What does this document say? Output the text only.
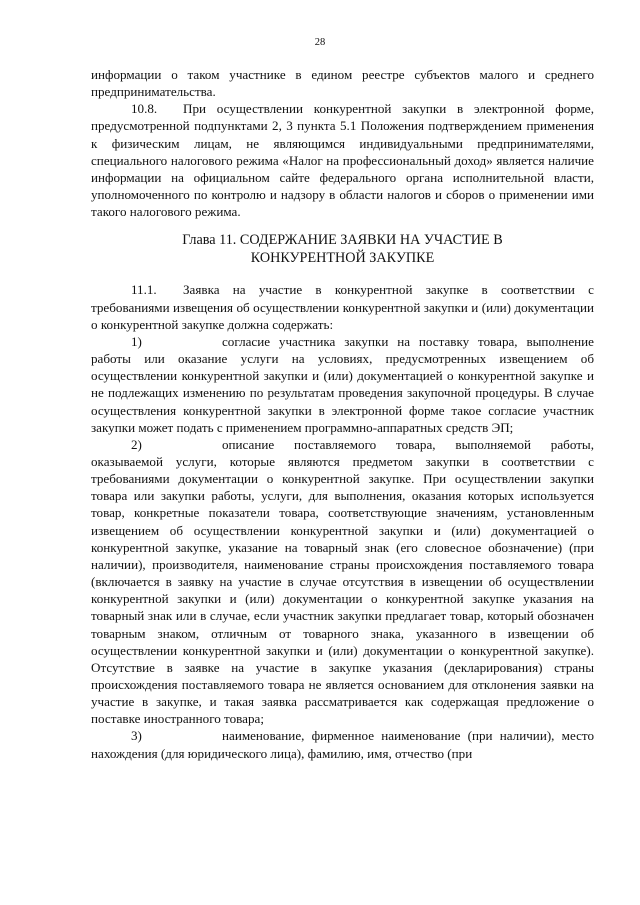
28

информации о таком участнике в едином реестре субъектов малого и среднего предпринимательства.

10.8. При осуществлении конкурентной закупки в электронной форме, предусмотренной подпунктами 2, 3 пункта 5.1 Положения подтверждением применения к физическим лицам, не являющимся индивидуальными предпринимателями, специального налогового режима «Налог на профессиональный доход» является наличие информации на официальном сайте федерального органа исполнительной власти, уполномоченного по контролю и надзору в области налогов и сборов о применении ими такого налогового режима.

Глава 11. СОДЕРЖАНИЕ ЗАЯВКИ НА УЧАСТИЕ В
КОНКУРЕНТНОЙ ЗАКУПКЕ

11.1. Заявка на участие в конкурентной закупке в соответствии с требованиями извещения об осуществлении конкурентной закупки и (или) документации о конкурентной закупке должна содержать:

1)	согласие участника закупки на поставку товара, выполнение работы или оказание услуги на условиях, предусмотренных извещением об осуществлении конкурентной закупки и (или) документацией о конкурентной закупке и не подлежащих изменению по результатам проведения закупочной процедуры. В случае осуществления конкурентной закупки в электронной форме такое согласие участник закупки может подать с применением программно-аппаратных средств ЭП;

2)	описание поставляемого товара, выполняемой работы, оказываемой услуги, которые являются предметом закупки в соответствии с требованиями документации о конкурентной закупке. При осуществлении закупки товара или закупки работы, услуги, для выполнения, оказания которых используется товар, конкретные показатели товара, соответствующие значениям, установленным извещением об осуществлении конкурентной закупки и (или) документацией о конкурентной закупке, указание на товарный знак (его словесное обозначение) (при наличии), производителя, наименование страны происхождения поставляемого товара (включается в заявку на участие в случае отсутствия в извещении об осуществлении конкурентной закупки и (или) документации о конкурентной закупке указания на товарный знак или в случае, если участник закупки предлагает товар, который обозначен товарным знаком, отличным от товарного знака, указанного в извещении об осуществлении конкурентной закупки и (или) документации о конкурентной закупке). Отсутствие в заявке на участие в закупке указания (декларирования) страны происхождения поставляемого товара не является основанием для отклонения заявки на участие в закупке, и такая заявка рассматривается как содержащая предложение о поставке иностранного товара;

3)	наименование, фирменное наименование (при наличии), место нахождения (для юридического лица), фамилию, имя, отчество (при
